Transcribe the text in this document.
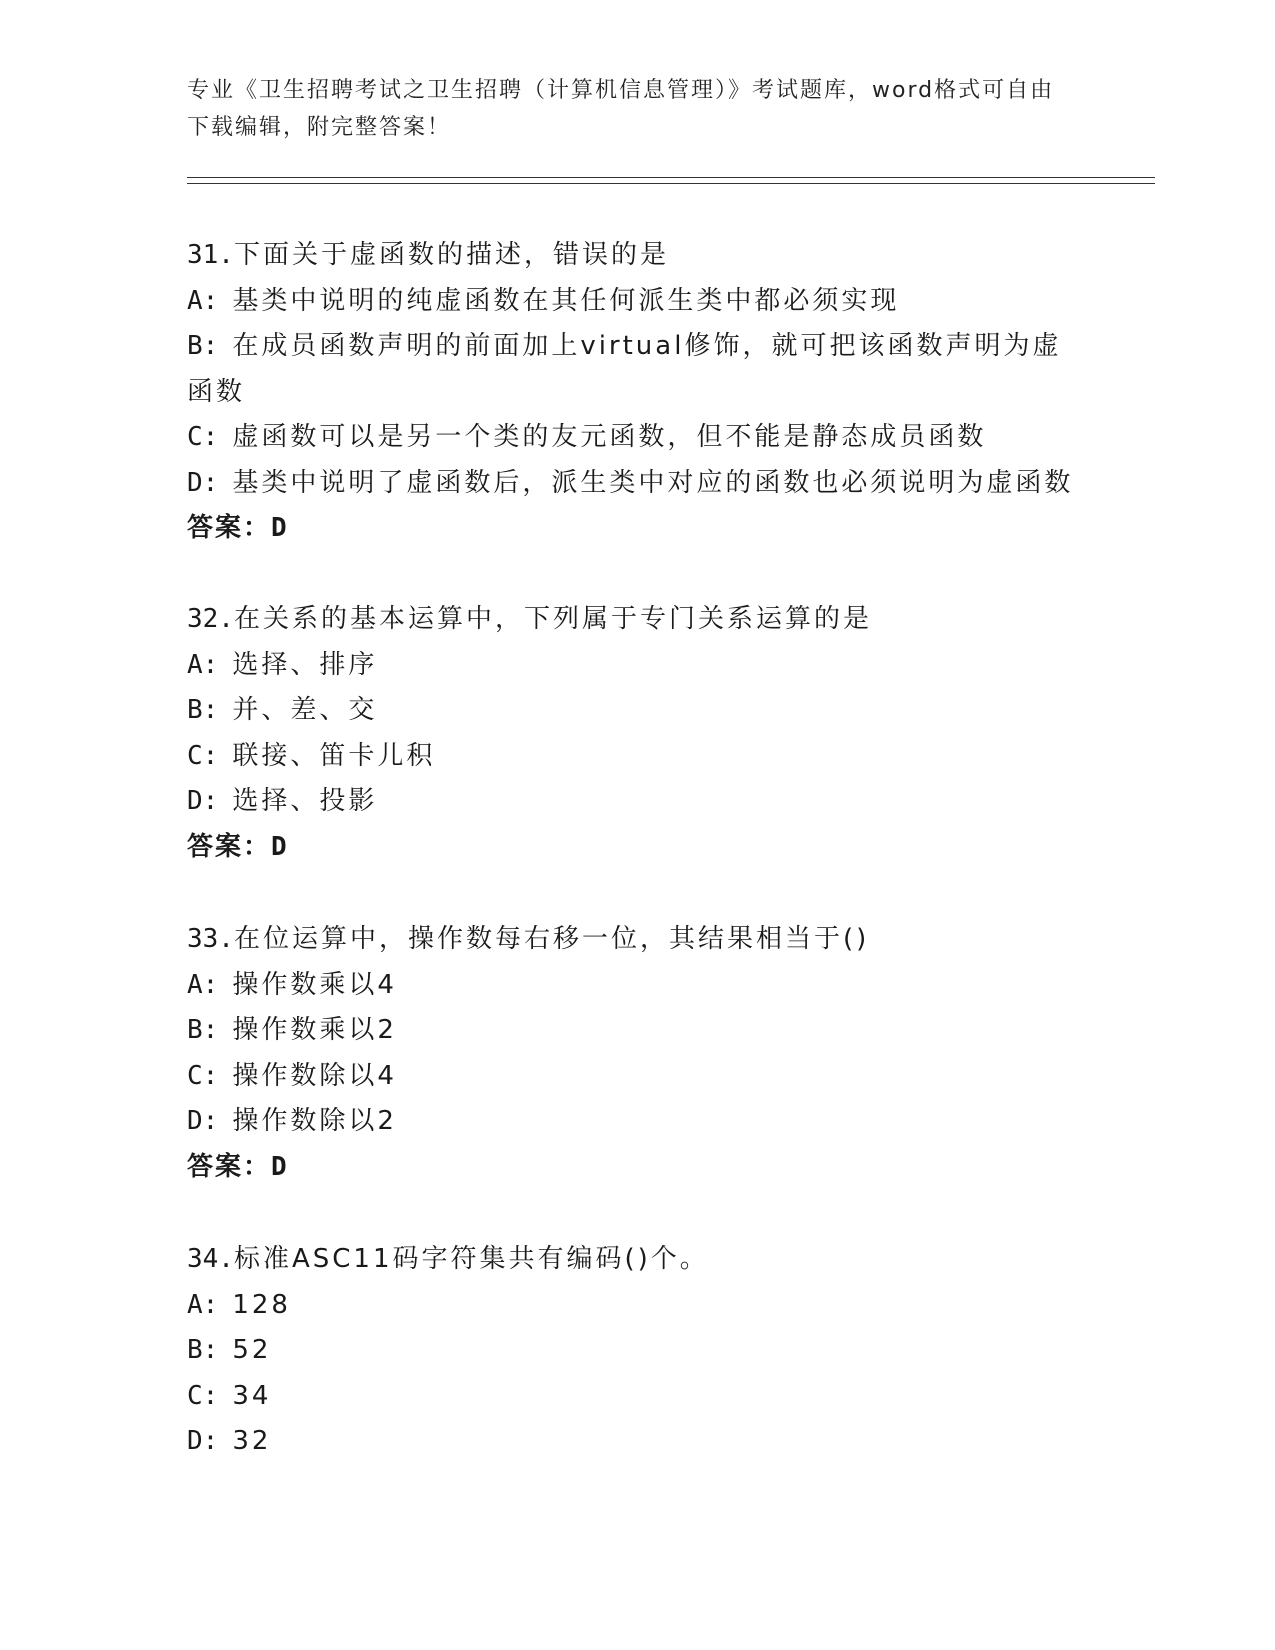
专业《卫生招聘考试之卫生招聘（计算机信息管理）》考试题库，word格式可自由下载编辑，附完整答案！
31.下面关于虚函数的描述，错误的是
A: 基类中说明的纯虚函数在其任何派生类中都必须实现
B: 在成员函数声明的前面加上virtual修饰，就可把该函数声明为虚函数
C: 虚函数可以是另一个类的友元函数，但不能是静态成员函数
D: 基类中说明了虚函数后，派生类中对应的函数也必须说明为虚函数
答案：D
32.在关系的基本运算中，下列属于专门关系运算的是
A: 选择、排序
B: 并、差、交
C: 联接、笛卡儿积
D: 选择、投影
答案：D
33.在位运算中，操作数每右移一位，其结果相当于()
A: 操作数乘以4
B: 操作数乘以2
C: 操作数除以4
D: 操作数除以2
答案：D
34.标准ASC11码字符集共有编码()个。
A: 128
B: 52
C: 34
D: 32
